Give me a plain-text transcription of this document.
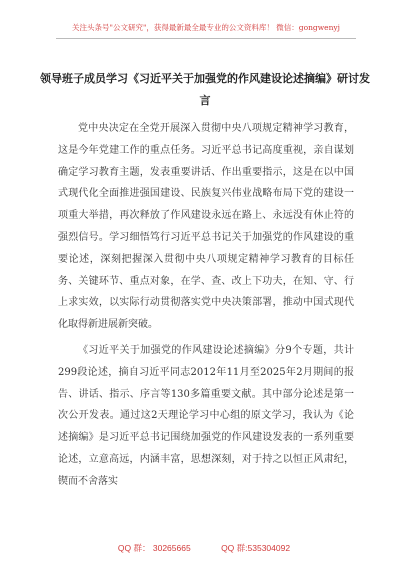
关注头条号"公文研究"，获得最新最全最专业的公文资料库！ 微信：gongwenyj
领导班子成员学习《习近平关于加强党的作风建设论述摘编》研讨发言

党中央决定在全党开展深入贯彻中央八项规定精神学习教育，这是今年党建工作的重点任务。习近平总书记高度重视，亲自谋划确定学习教育主题，发表重要讲话、作出重要指示，这是在以中国式现代化全面推进强国建设、民族复兴伟业战略布局下党的建设一项重大举措，再次释放了作风建设永远在路上、永远没有休止符的强烈信号。学习细悟笃行习近平总书记关于加强党的作风建设的重要论述，深刻把握深入贯彻中央八项规定精神学习教育的目标任务、关键环节、重点对象，在学、查、改上下功夫，在知、守、行上求实效，以实际行动贯彻落实党中央决策部署，推动中国式现代化取得新进展新突破。

《习近平关于加强党的作风建设论述摘编》分9个专题，共计299段论述，摘自习近平同志2012年11月至2025年2月期间的报告、讲话、指示、序言等130多篇重要文献。其中部分论述是第一次公开发表。通过这2天理论学习中心组的原文学习，我认为《论述摘编》是习近平总书记围绕加强党的作风建设发表的一系列重要论述，立意高远，内涵丰富，思想深刻，对于持之以恒正风肃纪，锲而不舍落实

QQ 群： 30265665	QQ 群:535304092
